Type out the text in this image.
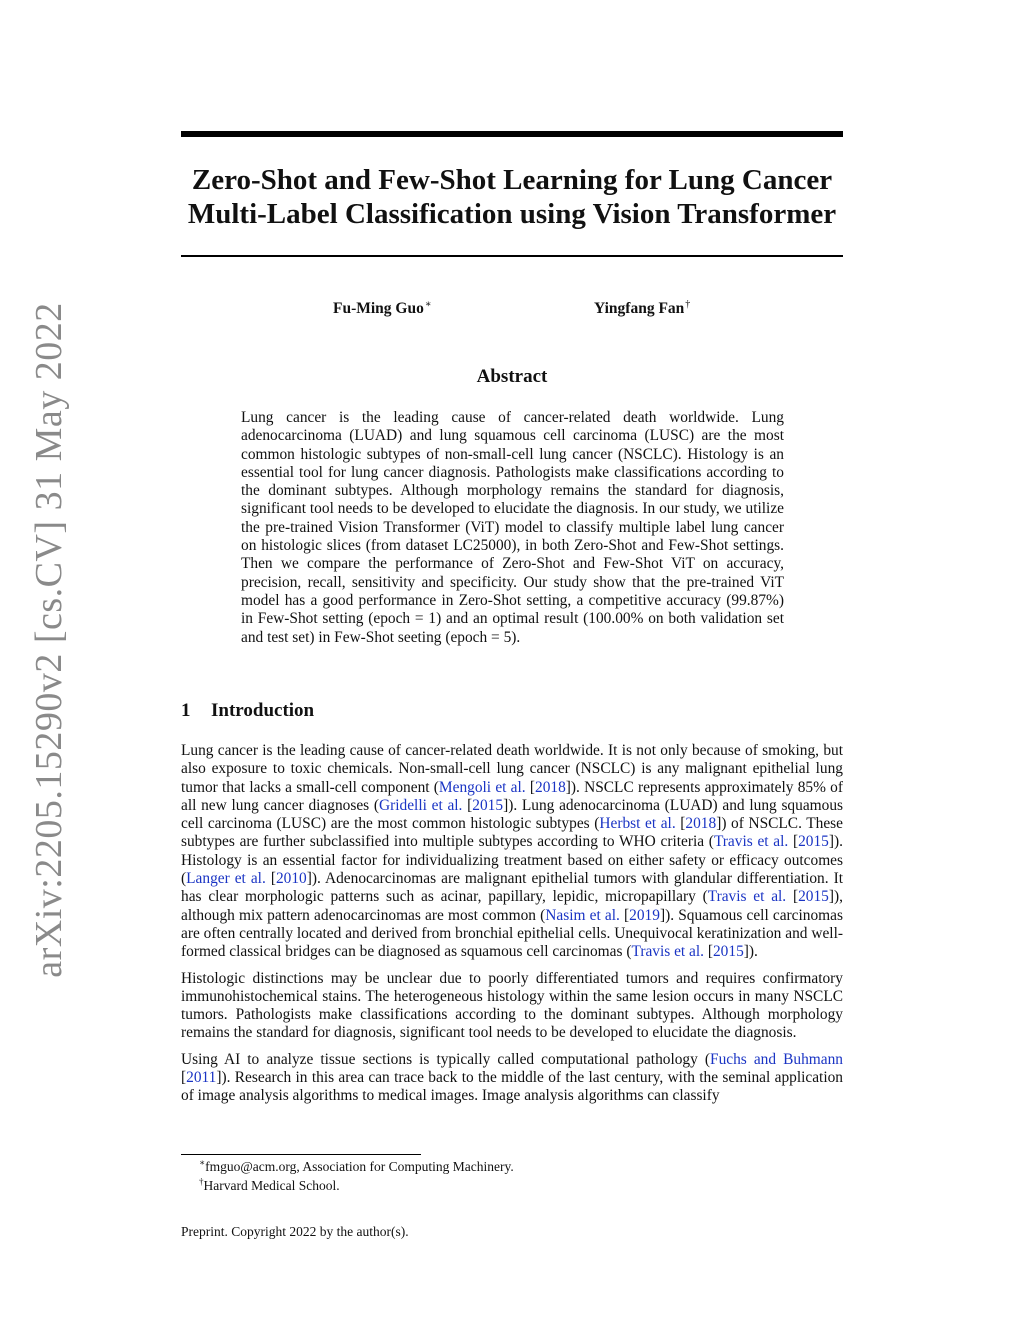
arXiv:2205.15290v2 [cs.CV] 31 May 2022
Zero-Shot and Few-Shot Learning for Lung Cancer
Multi-Label Classification using Vision Transformer
Fu-Ming Guo∗	Yingfang Fan†
Abstract

Lung cancer is the leading cause of cancer-related death worldwide. Lung adenocarcinoma (LUAD) and lung squamous cell carcinoma (LUSC) are the most common histologic subtypes of non-small-cell lung cancer (NSCLC). Histology is an essential tool for lung cancer diagnosis. Pathologists make classifications according to the dominant subtypes. Although morphology remains the standard for diagnosis, significant tool needs to be developed to elucidate the diagnosis. In our study, we utilize the pre-trained Vision Transformer (ViT) model to classify multiple label lung cancer on histologic slices (from dataset LC25000), in both Zero-Shot and Few-Shot settings. Then we compare the performance of Zero-Shot and Few-Shot ViT on accuracy, precision, recall, sensitivity and specificity. Our study show that the pre-trained ViT model has a good performance in Zero-Shot setting, a competitive accuracy (99.87%) in Few-Shot setting (epoch = 1) and an optimal result (100.00% on both validation set and test set) in Few-Shot seeting (epoch = 5).

1 Introduction

Lung cancer is the leading cause of cancer-related death worldwide. It is not only because of smoking, but also exposure to toxic chemicals. Non-small-cell lung cancer (NSCLC) is any malignant epithelial lung tumor that lacks a small-cell component (Mengoli et al. [2018]). NSCLC represents approximately 85% of all new lung cancer diagnoses (Gridelli et al. [2015]). Lung adenocarcinoma (LUAD) and lung squamous cell carcinoma (LUSC) are the most common histologic subtypes (Herbst et al. [2018]) of NSCLC. These subtypes are further subclassified into multiple subtypes according to WHO criteria (Travis et al. [2015]). Histology is an essential factor for individualizing treatment based on either safety or efficacy outcomes (Langer et al. [2010]). Adenocarcinomas are malignant epithelial tumors with glandular differentiation. It has clear morphologic patterns such as acinar, papillary, lepidic, micropapillary (Travis et al. [2015]), although mix pattern adenocarcinomas are most common (Nasim et al. [2019]). Squamous cell carcinomas are often centrally located and derived from bronchial epithelial cells. Unequivocal keratinization and well-formed classical bridges can be diagnosed as squamous cell carcinomas (Travis et al. [2015]).

Histologic distinctions may be unclear due to poorly differentiated tumors and requires confirmatory immunohistochemical stains. The heterogeneous histology within the same lesion occurs in many NSCLC tumors. Pathologists make classifications according to the dominant subtypes. Although morphology remains the standard for diagnosis, significant tool needs to be developed to elucidate the diagnosis.

Using AI to analyze tissue sections is typically called computational pathology (Fuchs and Buhmann [2011]). Research in this area can trace back to the middle of the last century, with the seminal application of image analysis algorithms to medical images. Image analysis algorithms can classify

∗fmguo@acm.org, Association for Computing Machinery.
†Harvard Medical School.
Preprint. Copyright 2022 by the author(s).
